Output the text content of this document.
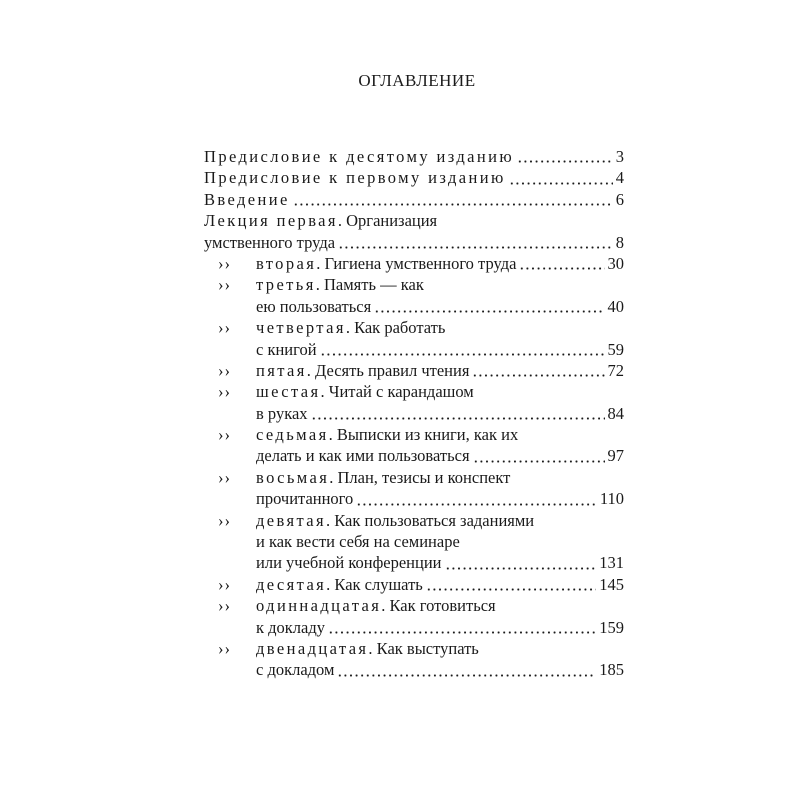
ОГЛАВЛЕНИЕ
Предисловие к десятому изданию	3
Предисловие к первому изданию	4
Введение	6
Лекция первая. Организация
умственного труда	8
›› вторая. Гигиена умственного труда	30
›› третья. Память — как
ею пользоваться	40
›› четвертая. Как работать
с книгой	59
›› пятая. Десять правил чтения	72
›› шестая. Читай с карандашом
в руках	84
›› седьмая. Выписки из книги, как их
делать и как ими пользоваться	97
›› восьмая. План, тезисы и конспект
прочитанного	110
›› девятая. Как пользоваться заданиями
и как вести себя на семинаре
или учебной конференции	131
›› десятая. Как слушать	145
›› одиннадцатая. Как готовиться
к докладу	159
›› двенадцатая. Как выступать
с докладом	185
